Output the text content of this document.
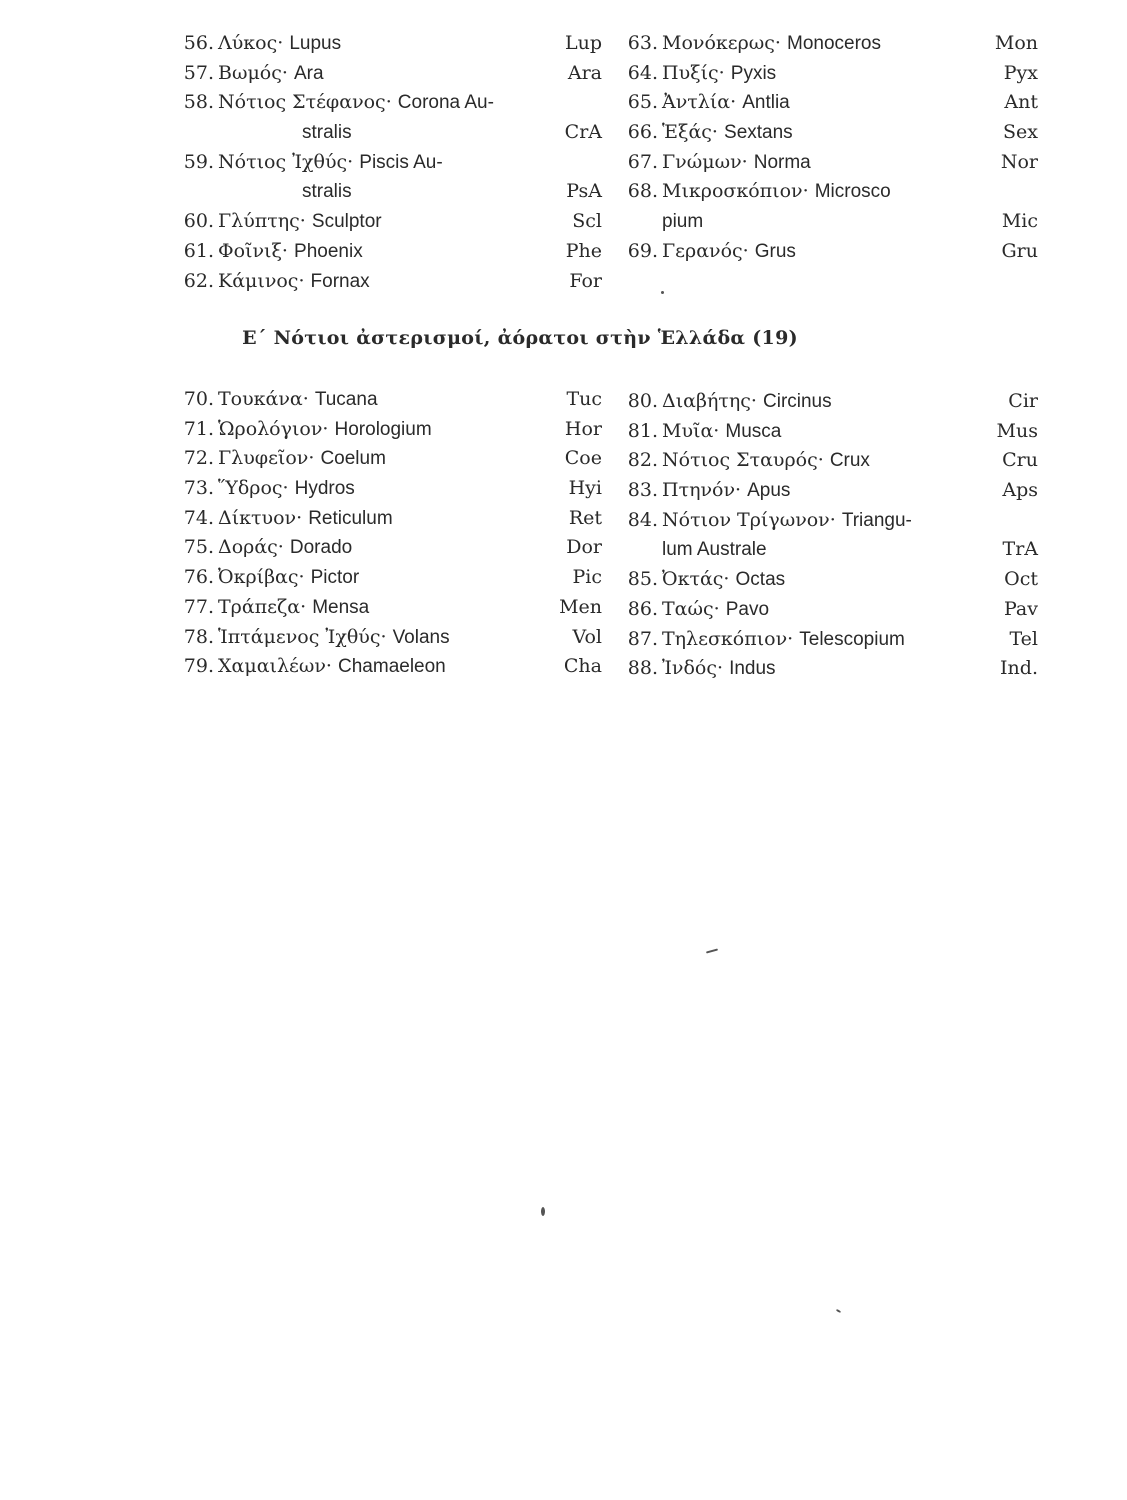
56. Λύκος· Lupus	Lup
57. Βωμός· Ara	Ara
58. Νότιος Στέφανος· Corona Au-
stralis	CrA
59. Νότιος Ἰχθύς· Piscis Au-
stralis	PsA
60. Γλύπτης· Sculptor	Scl
61. Φοῖνιξ· Phoenix	Phe
62. Κάμινος· Fornax	For
63. Μονόκερως· Monoceros	Mon
64. Πυξίς· Pyxis	Pyx
65. Ἀντλία· Antlia	Ant
66. Ἑξάς· Sextans	Sex
67. Γνώμων· Norma	Nor
68. Μικροσκόπιον· Microsco
pium	Mic
69. Γερανός· Grus	Gru
Ε΄ Νότιοι ἀστερισμοί, ἀόρατοι στὴν Ἑλλάδα (19)
70. Τουκάνα· Tucana	Tuc
71. Ὡρολόγιον· Horologium	Hor
72. Γλυφεῖον· Coelum	Coe
73. Ὕδρος· Hydros	Hyi
74. Δίκτυον· Reticulum	Ret
75. Δοράς· Dorado	Dor
76. Ὀκρίβας· Pictor	Pic
77. Τράπεζα· Mensa	Men
78. Ἱπτάμενος Ἰχθύς· Volans	Vol
79. Χαμαιλέων· Chamaeleon	Cha
80. Διαβήτης· Circinus	Cir
81. Μυῖα· Musca	Mus
82. Νότιος Σταυρός· Crux	Cru
83. Πτηνόν· Apus	Aps
84. Νότιον Τρίγωνον· Triangu-
lum Australe	TrA
85. Ὀκτάς· Octas	Oct
86. Ταώς· Pavo	Pav
87. Τηλεσκόπιον· Telescopium	Tel
88. Ἰνδός· Indus	Ind.
